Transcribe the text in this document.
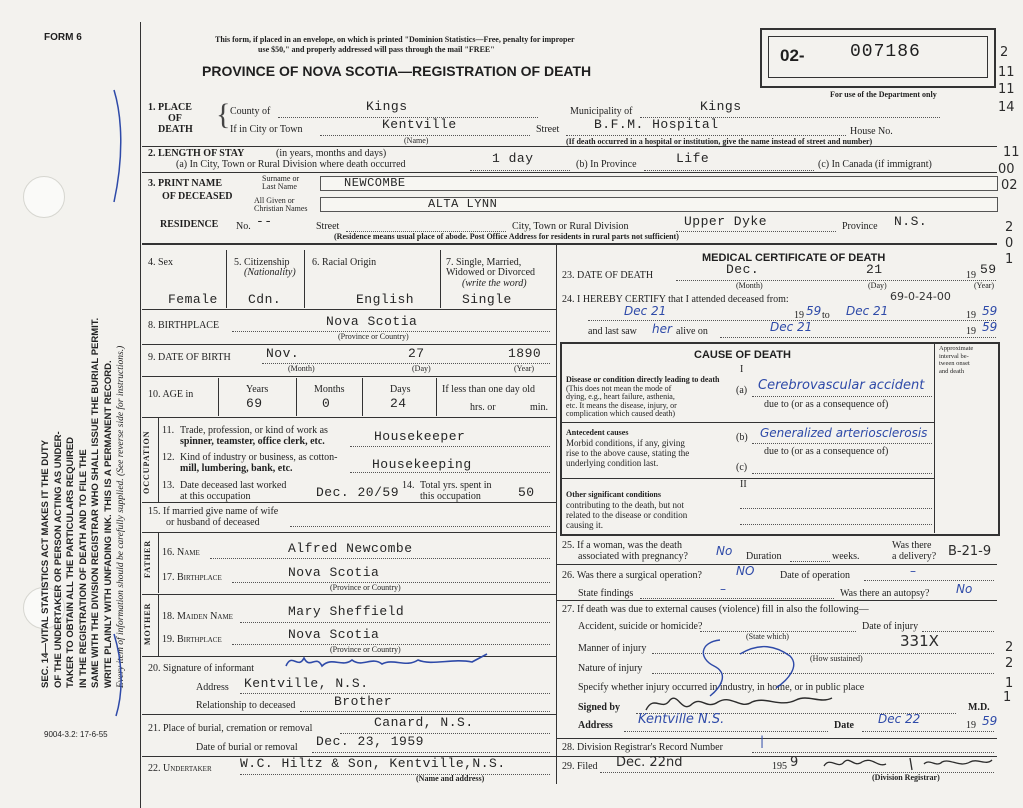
FORM 6
SEC. 14—VITAL STATISTICS ACT MAKES IT THE DUTY OF THE UNDERTAKER OR PERSON ACTING AS UNDER- TAKER TO OBTAIN ALL THE PARTICULARS REQUIRED IN THE REGISTRATION OF DEATH AND TO FILE THE SAME WITH THE DIVISION REGISTRAR WHO SHALL ISSUE THE BURIAL PERMIT. WRITE PLAINLY WITH UNFADING INK. THIS IS A PERMANENT RECORD. Every item of information should be carefully supplied. (See reverse side for instructions.)
9004-3.2: 17-6-55
This form, if placed in an envelope, on which is printed "Dominion Statistics—Free, penalty for improper
use $50," and properly addressed will pass through the mail "FREE"
PROVINCE OF NOVA SCOTIA—REGISTRATION OF DEATH
02-	007186
For use of the Department only
2
11
11
14
11
00
02
2
0
1
1
2
2
1
1. PLACE
OF
DEATH { County of	Kings	Municipality of	Kings
If in City or Town	Kentville
(Name)
Street	B.F.M. Hospital	House No.
(If death occurred in a hospital or institution, give the name instead of street and number)
2. LENGTH OF STAY	(in years, months and days)
(a) In City, Town or Rural Division where death occurred	1 day	(b) In Province	Life	(c) In Canada (if immigrant)
3. PRINT NAME
OF DECEASED
Surname or
Last Name	NEWCOMBE
All Given or
Christian Names	ALTA LYNN
RESIDENCE No. --	Street	City, Town or Rural Division	Upper Dyke	Province N.S.
(Residence means usual place of abode. Post Office Address for residents in rural parts not sufficient)
4. Sex
Female
5. Citizenship
(Nationality)
Cdn.
6. Racial Origin
English
7. Single, Married,
Widowed or Divorced
(write the word)
Single
8. BIRTHPLACE	Nova Scotia
(Province or Country)
9. DATE OF BIRTH	Nov.	27	1890
(Month)	(Day)	(Year)
10. AGE in	Years	Months	Days	If less than one day old
69	0	24	hrs. or	min.
OCCUPATION
11. Trade, profession, or kind of work as
spinner, teamster, office clerk, etc.	Housekeeper
12. Kind of industry or business, as cotton-
mill, lumbering, bank, etc.	Housekeeping
13. Date deceased last worked
at this occupation	Dec. 20/59 14. Total yrs. spent in
this occupation	50
15. If married give name of wife
or husband of deceased
FATHER 16. Name	Alfred Newcombe
17. Birthplace	Nova Scotia
(Province or Country)
MOTHER 18. Maiden Name	Mary Sheffield
19. Birthplace	Nova Scotia
(Province or Country)
20. Signature of informant
Address Kentville, N.S.
Relationship to deceased	Brother
21. Place of burial, cremation or removal	Canard, N.S.
Date of burial or removal Dec. 23, 1959
22. Undertaker W.C. Hiltz & Son, Kentville,N.S.
(Name and address)
MEDICAL CERTIFICATE OF DEATH
23. DATE OF DEATH	Dec.	21	19 59
(Month)	(Day)	(Year)
24. I HEREBY CERTIFY that I attended deceased from:	69-0-24-00
Dec 21	19 59 to Dec 21	19 59
and last saw her alive on	Dec 21	19 59
CAUSE OF DEATH
Approximate
interval be-
tween onset
and death
I
Disease or condition directly leading to death
(This does not mean the mode of
dying, e.g., heart failure, asthenia,
etc. It means the disease, injury, or
complication which caused death)
(a) Cerebrovascular accident
due to (or as a consequence of)
Antecedent causes
Morbid conditions, if any, giving
rise to the above cause, stating the
underlying condition last.
(b) Generalized arteriosclerosis
due to (or as a consequence of)
(c)
II
Other significant conditions
contributing to the death, but not
related to the disease or condition
causing it.
25. If a woman, was the death
associated with pregnancy? No Duration	weeks.
Was there
a delivery? B-21-9
26. Was there a surgical operation?	NO	Date of operation	–
State findings	–	Was there an autopsy? No
27. If death was due to external causes (violence) fill in also the following—
Accident, suicide or homicide?
(State which)
Date of injury
Manner of injury
(How sustained)
331X
Nature of injury
Specify whether injury occurred in industry, in home, or in public place
Signed by	M.D.
Address Kentville N.S.	Date Dec 22	19 59
28. Division Registrar's Record Number	|
29. Filed Dec. 22nd	195 9
(Division Registrar)
